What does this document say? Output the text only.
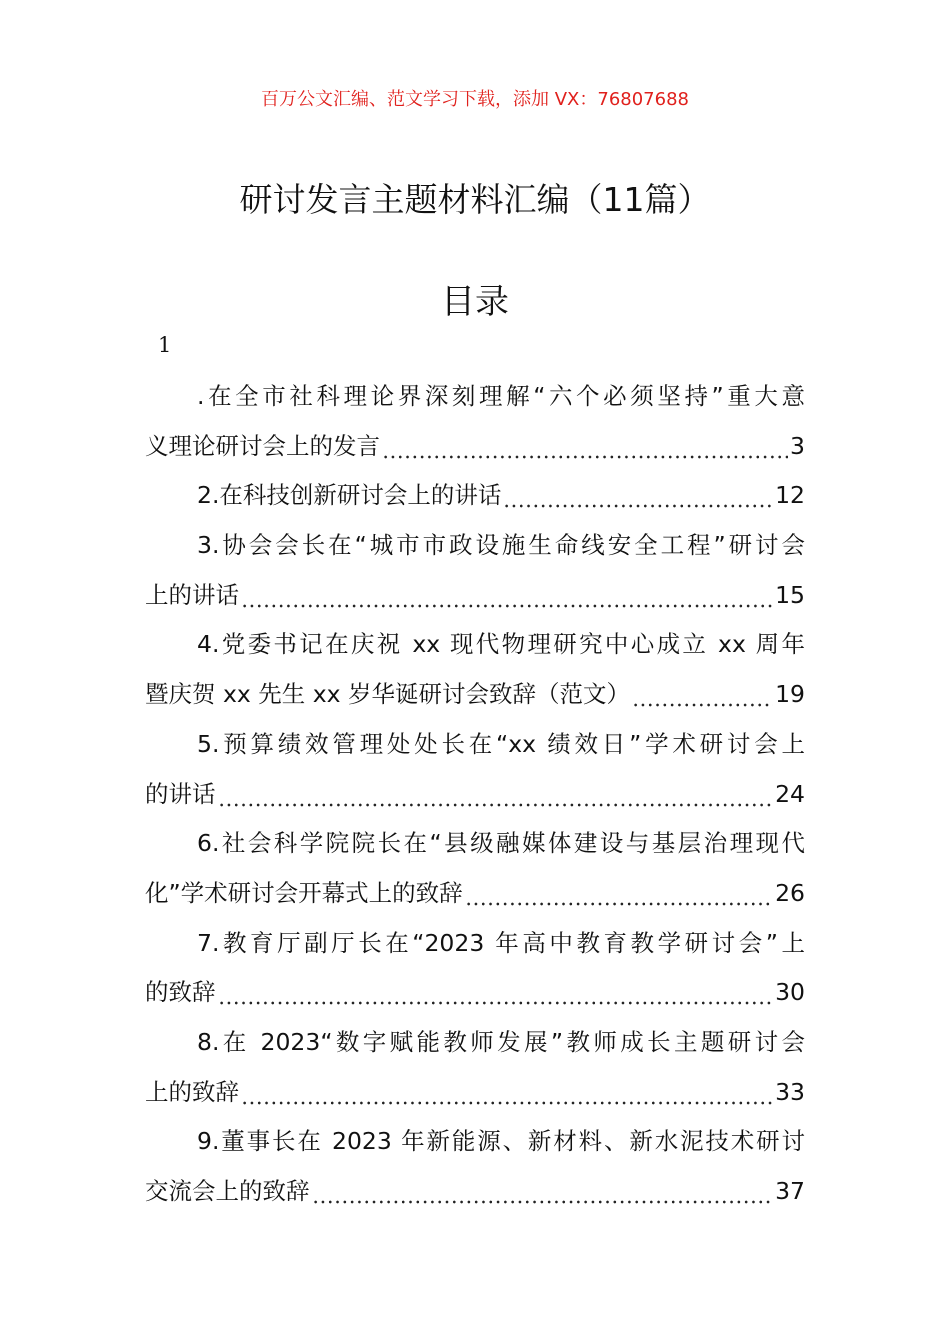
百万公文汇编、范文学习下载，添加 VX：76807688
研讨发言主题材料汇编（11篇）
目录
1
.在全市社科理论界深刻理解“六个必须坚持”重大意
义理论研讨会上的发言	3
2.在科技创新研讨会上的讲话	12
3.协会会长在“城市市政设施生命线安全工程”研讨会
上的讲话	15
4.党委书记在庆祝 xx 现代物理研究中心成立 xx 周年
暨庆贺 xx 先生 xx 岁华诞研讨会致辞（范文）	19
5.预算绩效管理处处长在“xx 绩效日”学术研讨会上
的讲话	24
6.社会科学院院长在“县级融媒体建设与基层治理现代
化”学术研讨会开幕式上的致辞	26
7.教育厅副厅长在“2023 年高中教育教学研讨会”上
的致辞	30
8.在 2023“数字赋能教师发展”教师成长主题研讨会
上的致辞	33
9.董事长在 2023 年新能源、新材料、新水泥技术研讨
交流会上的致辞	37
